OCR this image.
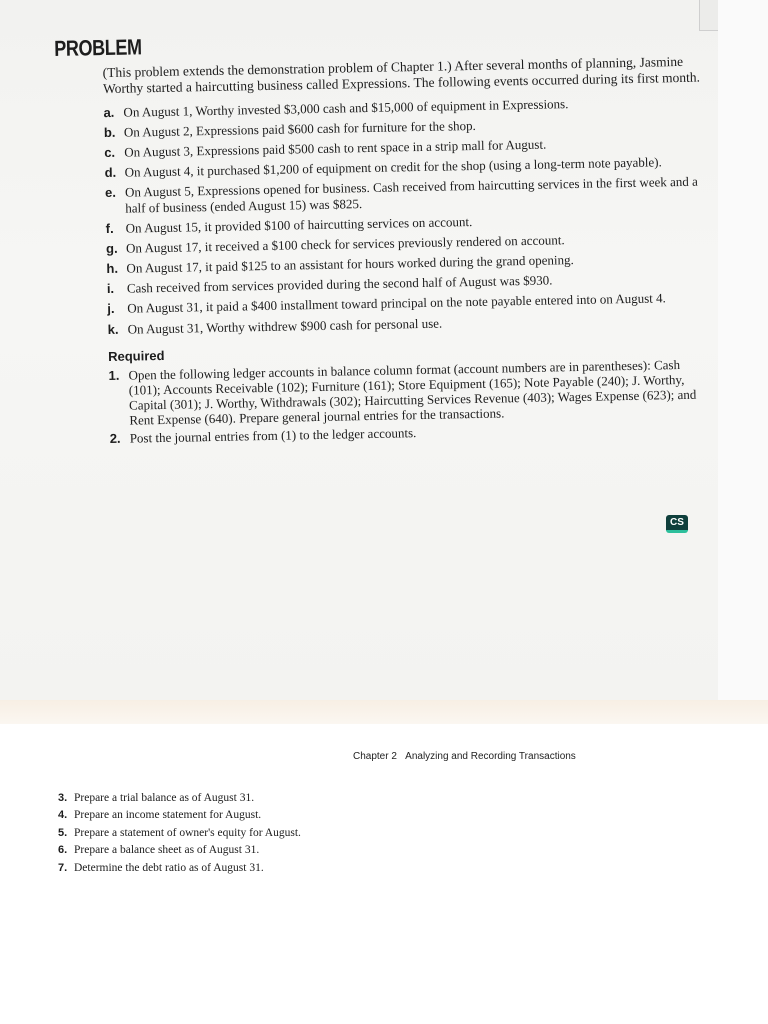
PROBLEM

(This problem extends the demonstration problem of Chapter 1.) After several months of planning, Jasmine Worthy started a haircutting business called Expressions. The following events occurred during its first month.

a. On August 1, Worthy invested $3,000 cash and $15,000 of equipment in Expressions.
b. On August 2, Expressions paid $600 cash for furniture for the shop.
c. On August 3, Expressions paid $500 cash to rent space in a strip mall for August.
d. On August 4, it purchased $1,200 of equipment on credit for the shop (using a long-term note payable).
e. On August 5, Expressions opened for business. Cash received from haircutting services in the first week and a half of business (ended August 15) was $825.
f. On August 15, it provided $100 of haircutting services on account.
g. On August 17, it received a $100 check for services previously rendered on account.
h. On August 17, it paid $125 to an assistant for hours worked during the grand opening.
i. Cash received from services provided during the second half of August was $930.
j. On August 31, it paid a $400 installment toward principal on the note payable entered into on August 4.
k. On August 31, Worthy withdrew $900 cash for personal use.
Required
1. Open the following ledger accounts in balance column format (account numbers are in parentheses): Cash (101); Accounts Receivable (102); Furniture (161); Store Equipment (165); Note Payable (240); J. Worthy, Capital (301); J. Worthy, Withdrawals (302); Haircutting Services Revenue (403); Wages Expense (623); and Rent Expense (640). Prepare general journal entries for the transactions.
2. Post the journal entries from (1) to the ledger accounts.
CS
Chapter 2 Analyzing and Recording Transactions
3. Prepare a trial balance as of August 31.
4. Prepare an income statement for August.
5. Prepare a statement of owner's equity for August.
6. Prepare a balance sheet as of August 31.
7. Determine the debt ratio as of August 31.
